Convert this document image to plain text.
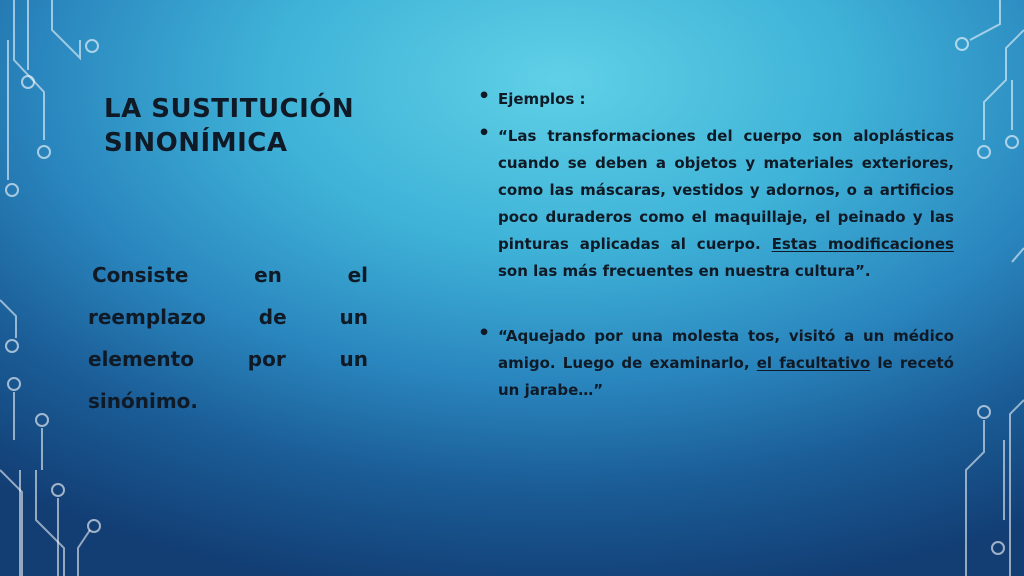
LA SUSTITUCIÓN
SINONÍMICA
Consiste en el reemplazo de un elemento por un sinónimo.
• Ejemplos :
• “Las transformaciones del cuerpo son aloplásticas cuando se deben a objetos y materiales exteriores, como las máscaras, vestidos y adornos, o a artificios poco duraderos como el maquillaje, el peinado y las pinturas aplicadas al cuerpo. Estas modificaciones son las más frecuentes en nuestra cultura”.
• “Aquejado por una molesta tos, visitó a un médico amigo. Luego de examinarlo, el facultativo le recetó un jarabe…”
